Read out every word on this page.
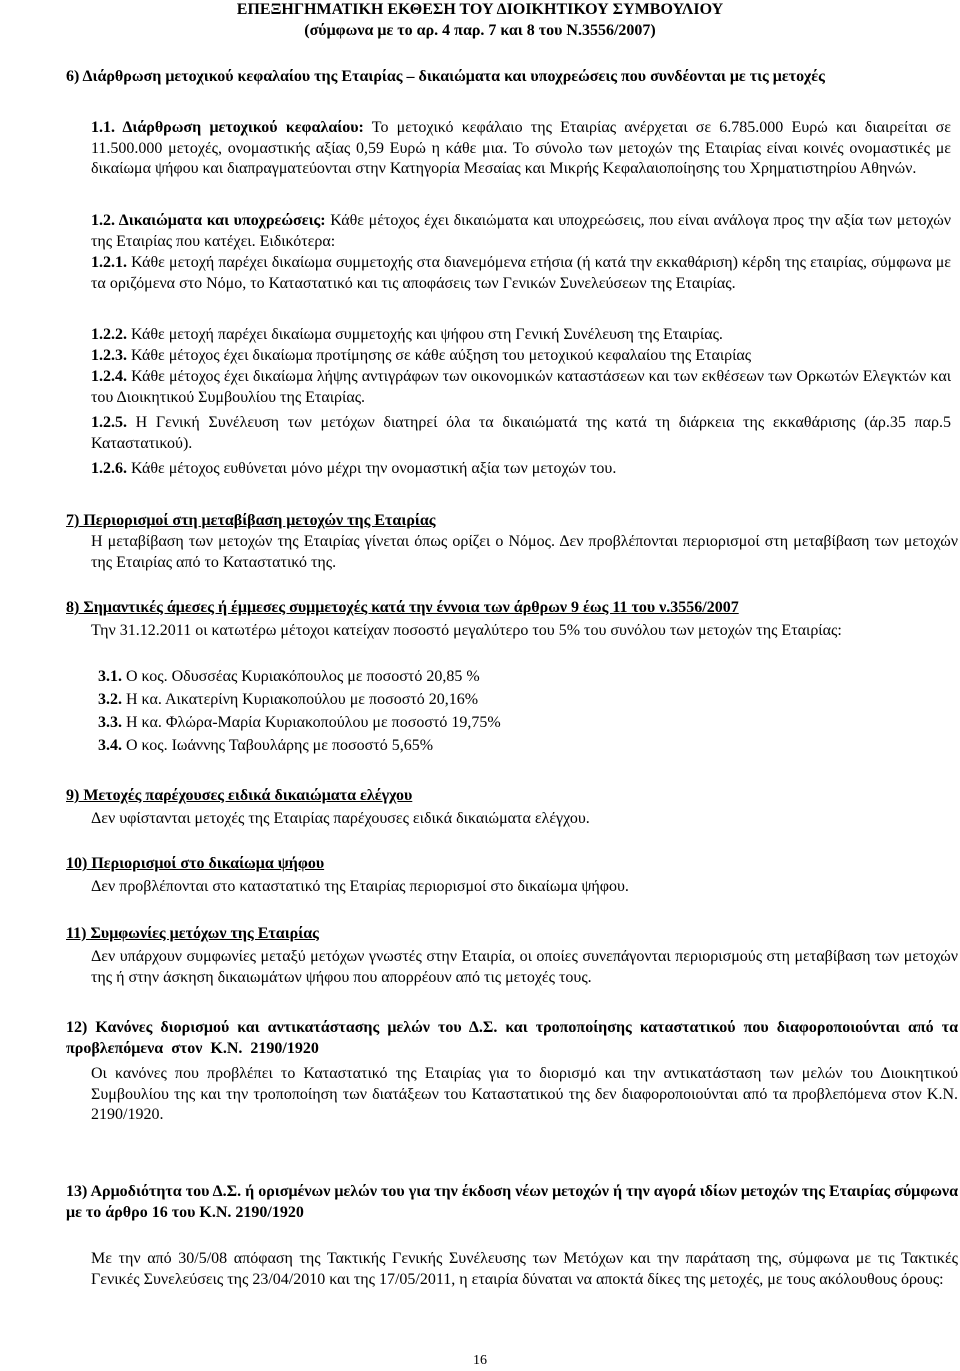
ΕΠΕΞΗΓΗΜΑΤΙΚΗ ΕΚΘΕΣΗ ΤΟΥ ΔΙΟΙΚΗΤΙΚΟΥ ΣΥΜΒΟΥΛΙΟΥ
(σύμφωνα με το αρ. 4 παρ. 7 και 8 του Ν.3556/2007)
6) Διάρθρωση μετοχικού κεφαλαίου της Εταιρίας – δικαιώματα και υποχρεώσεις που συνδέονται με τις μετοχές
1.1. Διάρθρωση μετοχικού κεφαλαίου: Το μετοχικό κεφάλαιο της Εταιρίας ανέρχεται σε 6.785.000 Ευρώ και διαιρείται σε 11.500.000 μετοχές, ονομαστικής αξίας 0,59 Ευρώ η κάθε μια. Το σύνολο των μετοχών της Εταιρίας είναι κοινές ονομαστικές με δικαίωμα ψήφου και διαπραγματεύονται στην Κατηγορία Μεσαίας και Μικρής Κεφαλαιοποίησης του Χρηματιστηρίου Αθηνών.
1.2. Δικαιώματα και υποχρεώσεις: Κάθε μέτοχος έχει δικαιώματα και υποχρεώσεις, που είναι ανάλογα προς την αξία των μετοχών της Εταιρίας που κατέχει. Ειδικότερα:
1.2.1. Κάθε μετοχή παρέχει δικαίωμα συμμετοχής στα διανεμόμενα ετήσια (ή κατά την εκκαθάριση) κέρδη της εταιρίας, σύμφωνα με τα οριζόμενα στο Νόμο, το Καταστατικό και τις αποφάσεις των Γενικών Συνελεύσεων της Εταιρίας.
1.2.2. Κάθε μετοχή παρέχει δικαίωμα συμμετοχής και ψήφου στη Γενική Συνέλευση της Εταιρίας.
1.2.3. Κάθε μέτοχος έχει δικαίωμα προτίμησης σε κάθε αύξηση του μετοχικού κεφαλαίου της Εταιρίας
1.2.4. Κάθε μέτοχος έχει δικαίωμα λήψης αντιγράφων των οικονομικών καταστάσεων και των εκθέσεων των Ορκωτών Ελεγκτών και του Διοικητικού Συμβουλίου της Εταιρίας.
1.2.5. Η Γενική Συνέλευση των μετόχων διατηρεί όλα τα δικαιώματά της κατά τη διάρκεια της εκκαθάρισης (άρ.35 παρ.5 Καταστατικού).
1.2.6. Κάθε μέτοχος ευθύνεται μόνο μέχρι την ονομαστική αξία των μετοχών του.
7) Περιορισμοί στη μεταβίβαση μετοχών της Εταιρίας
Η μεταβίβαση των μετοχών της Εταιρίας γίνεται όπως ορίζει ο Νόμος. Δεν προβλέπονται περιορισμοί στη μεταβίβαση των μετοχών της Εταιρίας από το Καταστατικό της.
8) Σημαντικές άμεσες ή έμμεσες συμμετοχές κατά την έννοια των άρθρων 9 έως 11 του ν.3556/2007
Την 31.12.2011 οι κατωτέρω μέτοχοι κατείχαν ποσοστό μεγαλύτερο του 5% του συνόλου των μετοχών της Εταιρίας:
3.1. Ο κος. Οδυσσέας Κυριακόπουλος με ποσοστό 20,85 %
3.2. Η κα. Αικατερίνη Κυριακοπούλου με ποσοστό 20,16%
3.3. Η κα. Φλώρα-Μαρία Κυριακοπούλου με ποσοστό 19,75%
3.4. Ο κος. Ιωάννης Ταβουλάρης με ποσοστό 5,65%
9) Μετοχές παρέχουσες ειδικά δικαιώματα ελέγχου
Δεν υφίστανται μετοχές της Εταιρίας παρέχουσες ειδικά δικαιώματα ελέγχου.
10) Περιορισμοί στο δικαίωμα ψήφου
Δεν προβλέπονται στο καταστατικό της Εταιρίας περιορισμοί στο δικαίωμα ψήφου.
11) Συμφωνίες μετόχων της Εταιρίας
Δεν υπάρχουν συμφωνίες μεταξύ μετόχων γνωστές στην Εταιρία, οι οποίες συνεπάγονται περιορισμούς στη μεταβίβαση των μετοχών της ή στην άσκηση δικαιωμάτων ψήφου που απορρέουν από τις μετοχές τους.
12) Κανόνες διορισμού και αντικατάστασης μελών του Δ.Σ. και τροποποίησης καταστατικού που διαφοροποιούνται από τα προβλεπόμενα στον Κ.Ν. 2190/1920
Οι κανόνες που προβλέπει το Καταστατικό της Εταιρίας για το διορισμό και την αντικατάσταση των μελών του Διοικητικού Συμβουλίου της και την τροποποίηση των διατάξεων του Καταστατικού της δεν διαφοροποιούνται από τα προβλεπόμενα στον Κ.Ν. 2190/1920.
13) Αρμοδιότητα του Δ.Σ. ή ορισμένων μελών του για την έκδοση νέων μετοχών ή την αγορά ιδίων μετοχών της Εταιρίας σύμφωνα με το άρθρο 16 του Κ.Ν. 2190/1920
Με την από 30/5/08 απόφαση της Τακτικής Γενικής Συνέλευσης των Μετόχων και την παράταση της, σύμφωνα με τις Τακτικές Γενικές Συνελεύσεις της 23/04/2010 και της 17/05/2011, η εταιρία δύναται να αποκτά δίκες της μετοχές, με τους ακόλουθους όρους:
16
